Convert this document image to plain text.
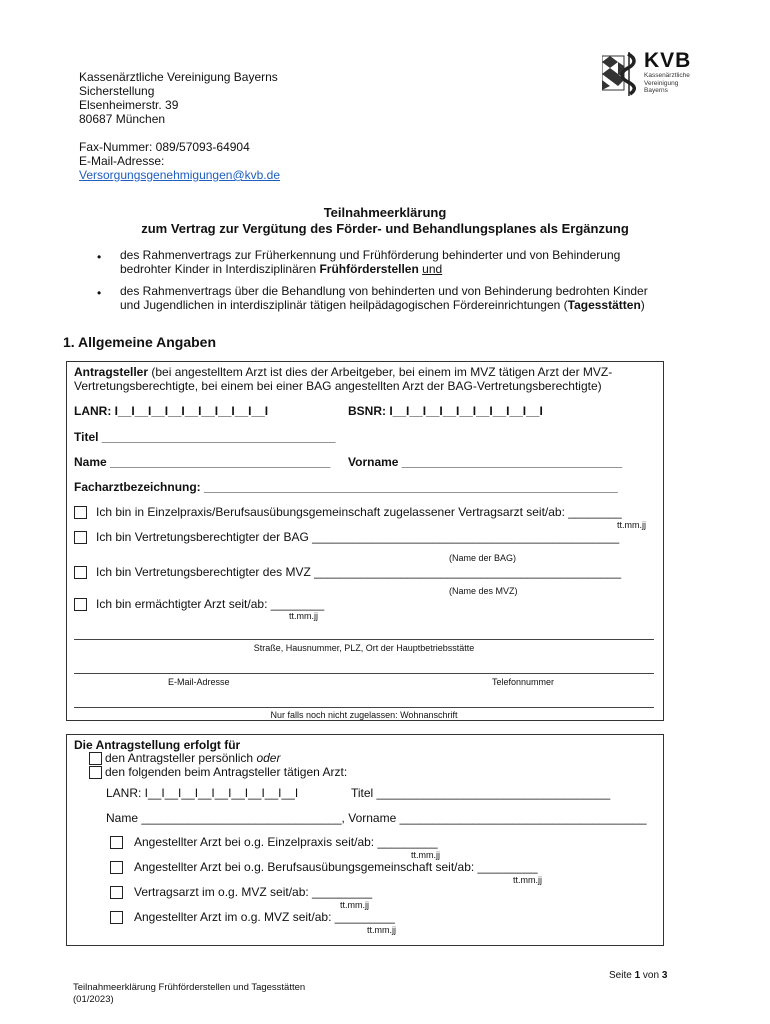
Kassenärztliche Vereinigung Bayerns
Sicherstellung
Elsenheimerstr. 39
80687 München
Fax-Nummer: 089/57093-64904
E-Mail-Adresse:
Versorgungsgenehmigungen@kvb.de
KVB
Kassenärztliche
Vereinigung
Bayerns
Teilnahmeerklärung
zum Vertrag zur Vergütung des Förder- und Behandlungsplanes als Ergänzung
• des Rahmenvertrags zur Früherkennung und Frühförderung behinderter und von Behinderung
bedrohter Kinder in Interdisziplinären Frühförderstellen und
• des Rahmenvertrags über die Behandlung von behinderten und von Behinderung bedrohten Kinder
und Jugendlichen in interdisziplinär tätigen heilpädagogischen Fördereinrichtungen (Tagesstätten)
1. Allgemeine Angaben
Antragsteller (bei angestelltem Arzt ist dies der Arbeitgeber, bei einem im MVZ tätigen Arzt der MVZ-
Vertretungsberechtigte, bei einem bei einer BAG angestellten Arzt der BAG-Vertretungsberechtigte)
LANR: I__I__I__I__I__I__I__I__I__I	BSNR: I__I__I__I__I__I__I__I__I__I
Titel ___________________________________
Name _________________________________ Vorname _________________________________
Facharztbezeichnung: ______________________________________________________________
Ich bin in Einzelpraxis/Berufsausübungsgemeinschaft zugelassener Vertragsarzt seit/ab: ________
tt.mm.jj
Ich bin Vertretungsberechtigter der BAG ______________________________________________
(Name der BAG)
Ich bin Vertretungsberechtigter des MVZ ______________________________________________
(Name des MVZ)
Ich bin ermächtigter Arzt seit/ab: ________
tt.mm.jj
Straße, Hausnummer, PLZ, Ort der Hauptbetriebsstätte
E-Mail-Adresse	Telefonnummer
Nur falls noch nicht zugelassen: Wohnanschrift
Die Antragstellung erfolgt für
den Antragsteller persönlich oder
den folgenden beim Antragsteller tätigen Arzt:
LANR: I__I__I__I__I__I__I__I__I__I	Titel ___________________________________
Name ______________________________, Vorname _____________________________________
Angestellter Arzt bei o.g. Einzelpraxis seit/ab: _________
tt.mm.jj
Angestellter Arzt bei o.g. Berufsausübungsgemeinschaft seit/ab: _________
tt.mm.jj
Vertragsarzt im o.g. MVZ seit/ab: _________
tt.mm.jj
Angestellter Arzt im o.g. MVZ seit/ab: _________
tt.mm.jj
Seite 1 von 3
Teilnahmeerklärung Frühförderstellen und Tagesstätten
(01/2023)
